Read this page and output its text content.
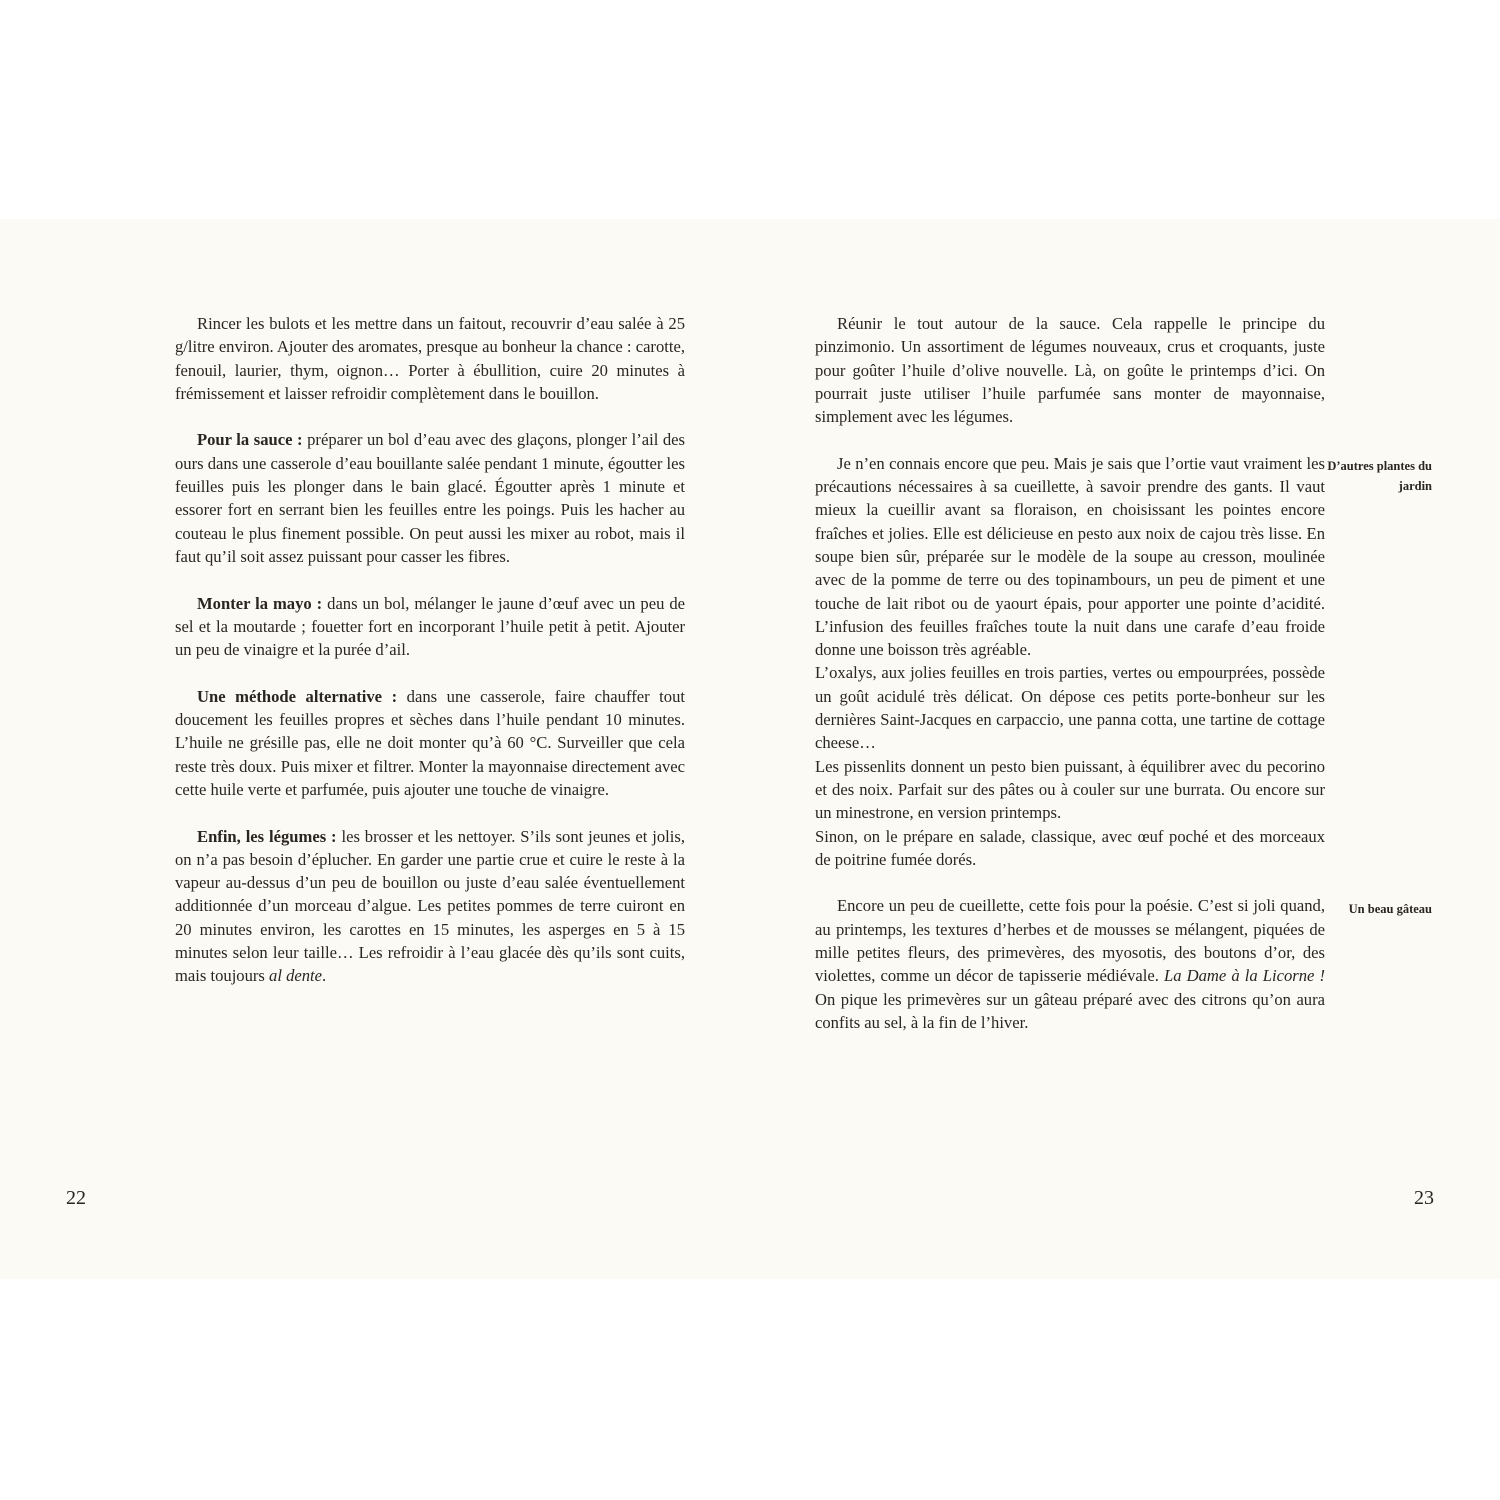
Rincer les bulots et les mettre dans un faitout, recouvrir d’eau salée à 25 g/litre environ. Ajouter des aromates, presque au bonheur la chance : carotte, fenouil, laurier, thym, oignon… Porter à ébullition, cuire 20 minutes à frémissement et laisser refroidir complètement dans le bouillon.

Pour la sauce : préparer un bol d’eau avec des glaçons, plonger l’ail des ours dans une casserole d’eau bouillante salée pendant 1 minute, égoutter les feuilles puis les plonger dans le bain glacé. Égoutter après 1 minute et essorer fort en serrant bien les feuilles entre les poings. Puis les hacher au couteau le plus finement possible. On peut aussi les mixer au robot, mais il faut qu’il soit assez puissant pour casser les fibres.

Monter la mayo : dans un bol, mélanger le jaune d’œuf avec un peu de sel et la moutarde ; fouetter fort en incorporant l’huile petit à petit. Ajouter un peu de vinaigre et la purée d’ail.

Une méthode alternative : dans une casserole, faire chauffer tout doucement les feuilles propres et sèches dans l’huile pendant 10 minutes. L’huile ne grésille pas, elle ne doit monter qu’à 60 °C. Surveiller que cela reste très doux. Puis mixer et filtrer. Monter la mayonnaise directement avec cette huile verte et parfumée, puis ajouter une touche de vinaigre.

Enfin, les légumes : les brosser et les nettoyer. S’ils sont jeunes et jolis, on n’a pas besoin d’éplucher. En garder une partie crue et cuire le reste à la vapeur au-dessus d’un peu de bouillon ou juste d’eau salée éventuellement additionnée d’un morceau d’algue. Les petites pommes de terre cuiront en 20 minutes environ, les carottes en 15 minutes, les asperges en 5 à 15 minutes selon leur taille… Les refroidir à l’eau glacée dès qu’ils sont cuits, mais toujours al dente.

22

Réunir le tout autour de la sauce. Cela rappelle le principe du pinzimonio. Un assortiment de légumes nouveaux, crus et croquants, juste pour goûter l’huile d’olive nouvelle. Là, on goûte le printemps d’ici. On pourrait juste utiliser l’huile parfumée sans monter de mayonnaise, simplement avec les légumes.

Je n’en connais encore que peu. Mais je sais que l’ortie vaut vraiment les précautions nécessaires à sa cueillette, à savoir prendre des gants. Il vaut mieux la cueillir avant sa floraison, en choisissant les pointes encore fraîches et jolies. Elle est délicieuse en pesto aux noix de cajou très lisse. En soupe bien sûr, préparée sur le modèle de la soupe au cresson, moulinée avec de la pomme de terre ou des topinambours, un peu de piment et une touche de lait ribot ou de yaourt épais, pour apporter une pointe d’acidité. L’infusion des feuilles fraîches toute la nuit dans une carafe d’eau froide donne une boisson très agréable.

L’oxalys, aux jolies feuilles en trois parties, vertes ou empourprées, possède un goût acidulé très délicat. On dépose ces petits porte-bonheur sur les dernières Saint-Jacques en carpaccio, une panna cotta, une tartine de cottage cheese…

Les pissenlits donnent un pesto bien puissant, à équilibrer avec du pecorino et des noix. Parfait sur des pâtes ou à couler sur une burrata. Ou encore sur un minestrone, en version printemps.

Sinon, on le prépare en salade, classique, avec œuf poché et des morceaux de poitrine fumée dorés.

Encore un peu de cueillette, cette fois pour la poésie. C’est si joli quand, au printemps, les textures d’herbes et de mousses se mélangent, piquées de mille petites fleurs, des primevères, des myosotis, des boutons d’or, des violettes, comme un décor de tapisserie médiévale. La Dame à la Licorne ! On pique les primevères sur un gâteau préparé avec des citrons qu’on aura confits au sel, à la fin de l’hiver.

D’autres plantes du jardin
Un beau gâteau
23
